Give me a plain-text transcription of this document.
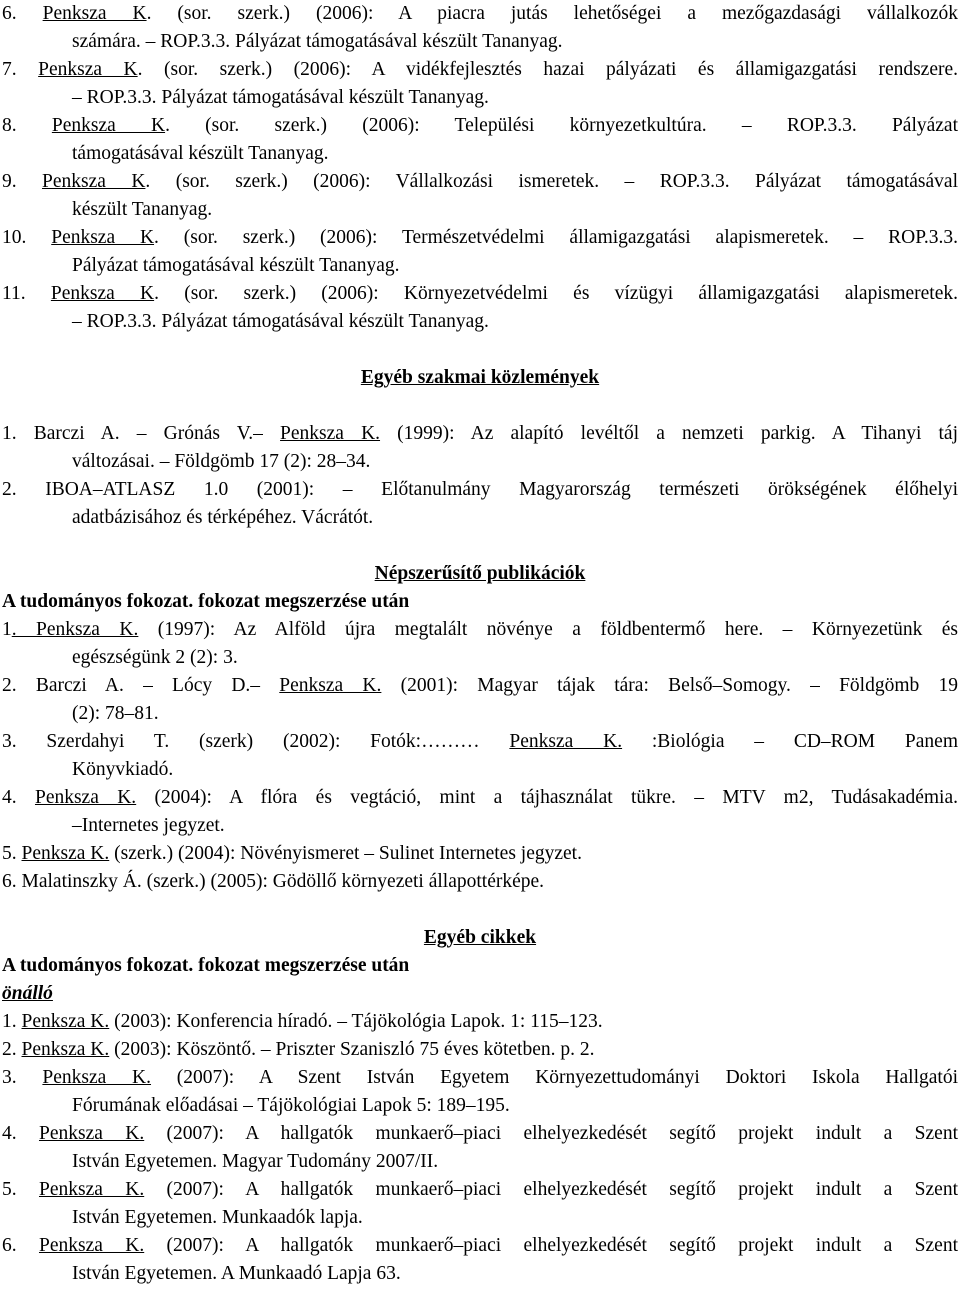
6. Penksza K. (sor. szerk.) (2006): A piacra jutás lehetőségei a mezőgazdasági vállalkozók
számára. – ROP.3.3. Pályázat támogatásával készült Tananyag.
7. Penksza K. (sor. szerk.) (2006): A vidékfejlesztés hazai pályázati és államigazgatási rendszere.
– ROP.3.3. Pályázat támogatásával készült Tananyag.
8. Penksza K. (sor. szerk.) (2006): Települési környezetkultúra. – ROP.3.3. Pályázat
támogatásával készült Tananyag.
9. Penksza K. (sor. szerk.) (2006): Vállalkozási ismeretek. – ROP.3.3. Pályázat támogatásával
készült Tananyag.
10. Penksza K. (sor. szerk.) (2006): Természetvédelmi államigazgatási alapismeretek. – ROP.3.3.
Pályázat támogatásával készült Tananyag.
11. Penksza K. (sor. szerk.) (2006): Környezetvédelmi és vízügyi államigazgatási alapismeretek.
– ROP.3.3. Pályázat támogatásával készült Tananyag.
Egyéb szakmai közlemények
1. Barczi A. – Grónás V.– Penksza K. (1999): Az alapító levéltől a nemzeti parkig. A Tihanyi táj
változásai. – Földgömb 17 (2): 28–34.
2. IBOA–ATLASZ 1.0 (2001): – Előtanulmány Magyarország természeti örökségének élőhelyi
adatbázisához és térképéhez. Vácrátót.
Népszerűsítő publikációk
A tudományos fokozat. fokozat megszerzése után
1. Penksza K. (1997): Az Alföld újra megtalált növénye a földbentermő here. – Környezetünk és
egészségünk 2 (2): 3.
2. Barczi A. – Lócy D.– Penksza K. (2001): Magyar tájak tára: Belső–Somogy. – Földgömb 19
(2): 78–81.
3. Szerdahyi T. (szerk) (2002): Fotók:……… Penksza K. :Biológia – CD–ROM Panem
Könyvkiadó.
4. Penksza K. (2004): A flóra és vegtáció, mint a tájhasználat tükre. – MTV m2, Tudásakadémia.
–Internetes jegyzet.
5. Penksza K. (szerk.) (2004): Növényismeret – Sulinet Internetes jegyzet.
6. Malatinszky Á. (szerk.) (2005): Gödöllő környezeti állapottérképe.
Egyéb cikkek
A tudományos fokozat. fokozat megszerzése után
önálló
1. Penksza K. (2003): Konferencia híradó. – Tájökológia Lapok. 1: 115–123.
2. Penksza K. (2003): Köszöntő. – Priszter Szaniszló 75 éves kötetben. p. 2.
3. Penksza K. (2007): A Szent István Egyetem Környezettudományi Doktori Iskola Hallgatói
Fórumának előadásai – Tájökológiai Lapok 5: 189–195.
4. Penksza K. (2007): A hallgatók munkaerő–piaci elhelyezkedését segítő projekt indult a Szent
István Egyetemen. Magyar Tudomány 2007/II.
5. Penksza K. (2007): A hallgatók munkaerő–piaci elhelyezkedését segítő projekt indult a Szent
István Egyetemen. Munkaadók lapja.
6. Penksza K. (2007): A hallgatók munkaerő–piaci elhelyezkedését segítő projekt indult a Szent
István Egyetemen. A Munkaadó Lapja 63.
